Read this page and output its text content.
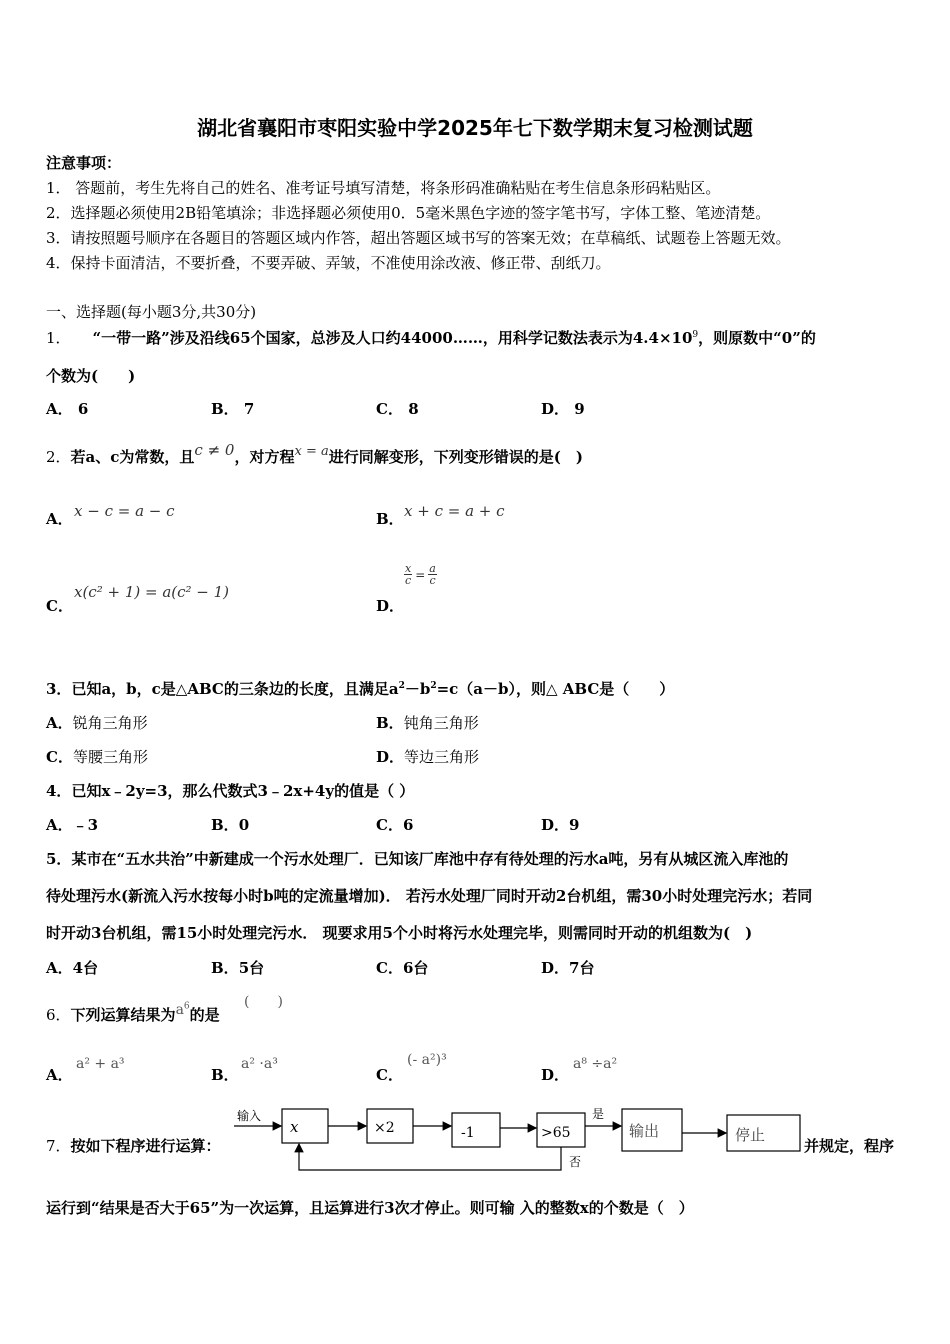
湖北省襄阳市枣阳实验中学2025年七下数学期末复习检测试题
注意事项：
1． 答题前，考生先将自己的姓名、准考证号填写清楚，将条形码准确粘贴在考生信息条形码粘贴区。
2．选择题必须使用2B铅笔填涂；非选择题必须使用0．5毫米黑色字迹的签字笔书写，字体工整、笔迹清楚。
3．请按照题号顺序在各题目的答题区域内作答，超出答题区域书写的答案无效；在草稿纸、试题卷上答题无效。
4．保持卡面清洁，不要折叠，不要弄破、弄皱，不准使用涂改液、修正带、刮纸刀。
一、选择题(每小题3分,共30分)
1． “一带一路”涉及沿线65个国家，总涉及人口约44000……，用科学记数法表示为$4.4\times 10^9$，则原数中“0”的
个数为(　　)
A． 6	B． 7	C． 8	D． 9
2．若a、c为常数，且c ≠ 0，对方程x = a进行同解变形，下列变形错误的是(　)
A． x − c = a − c	B． x + c = a + c
C．
x(c² + 1) = a(c² − 1)
D．
$\frac{x}{c} = \frac{a}{c}$
3．已知a，b，c是△ABC的三条边的长度，且满足$a^2-b^2=c(a-b)$，则△ ABC是（　　）
A．锐角三角形	B．钝角三角形
C．等腰三角形	D．等边三角形
4．已知x﹣2y=3，那么代数式3﹣2x+4y的值是（ ）
A．﹣3	B．0	C．6	D．9
5．某市在“五水共治”中新建成一个污水处理厂．已知该厂库池中存有待处理的污水a吨，另有从城区流入库池的
待处理污水(新流入污水按每小时b吨的定流量增加)． 若污水处理厂同时开动2台机组，需30小时处理完污水；若同
时开动3台机组，需15小时处理完污水． 现要求用5个小时将污水处理完毕，则需同时开动的机组数为(　)
A．4台	B．5台	C．6台	D．7台
6．下列运算结果为$a^6$的是
(　　)
A．
a² + a³
B．
a² ·a³
C．
(- a²)³
D．
a⁸ ÷a²
7．按如下程序进行运算：
输入
x	×2	-1	>65
是
输出	停止
否
并规定，程序
运行到“结果是否大于65”为一次运算，且运算进行3次才停止。则可输 入的整数x的个数是（　）
